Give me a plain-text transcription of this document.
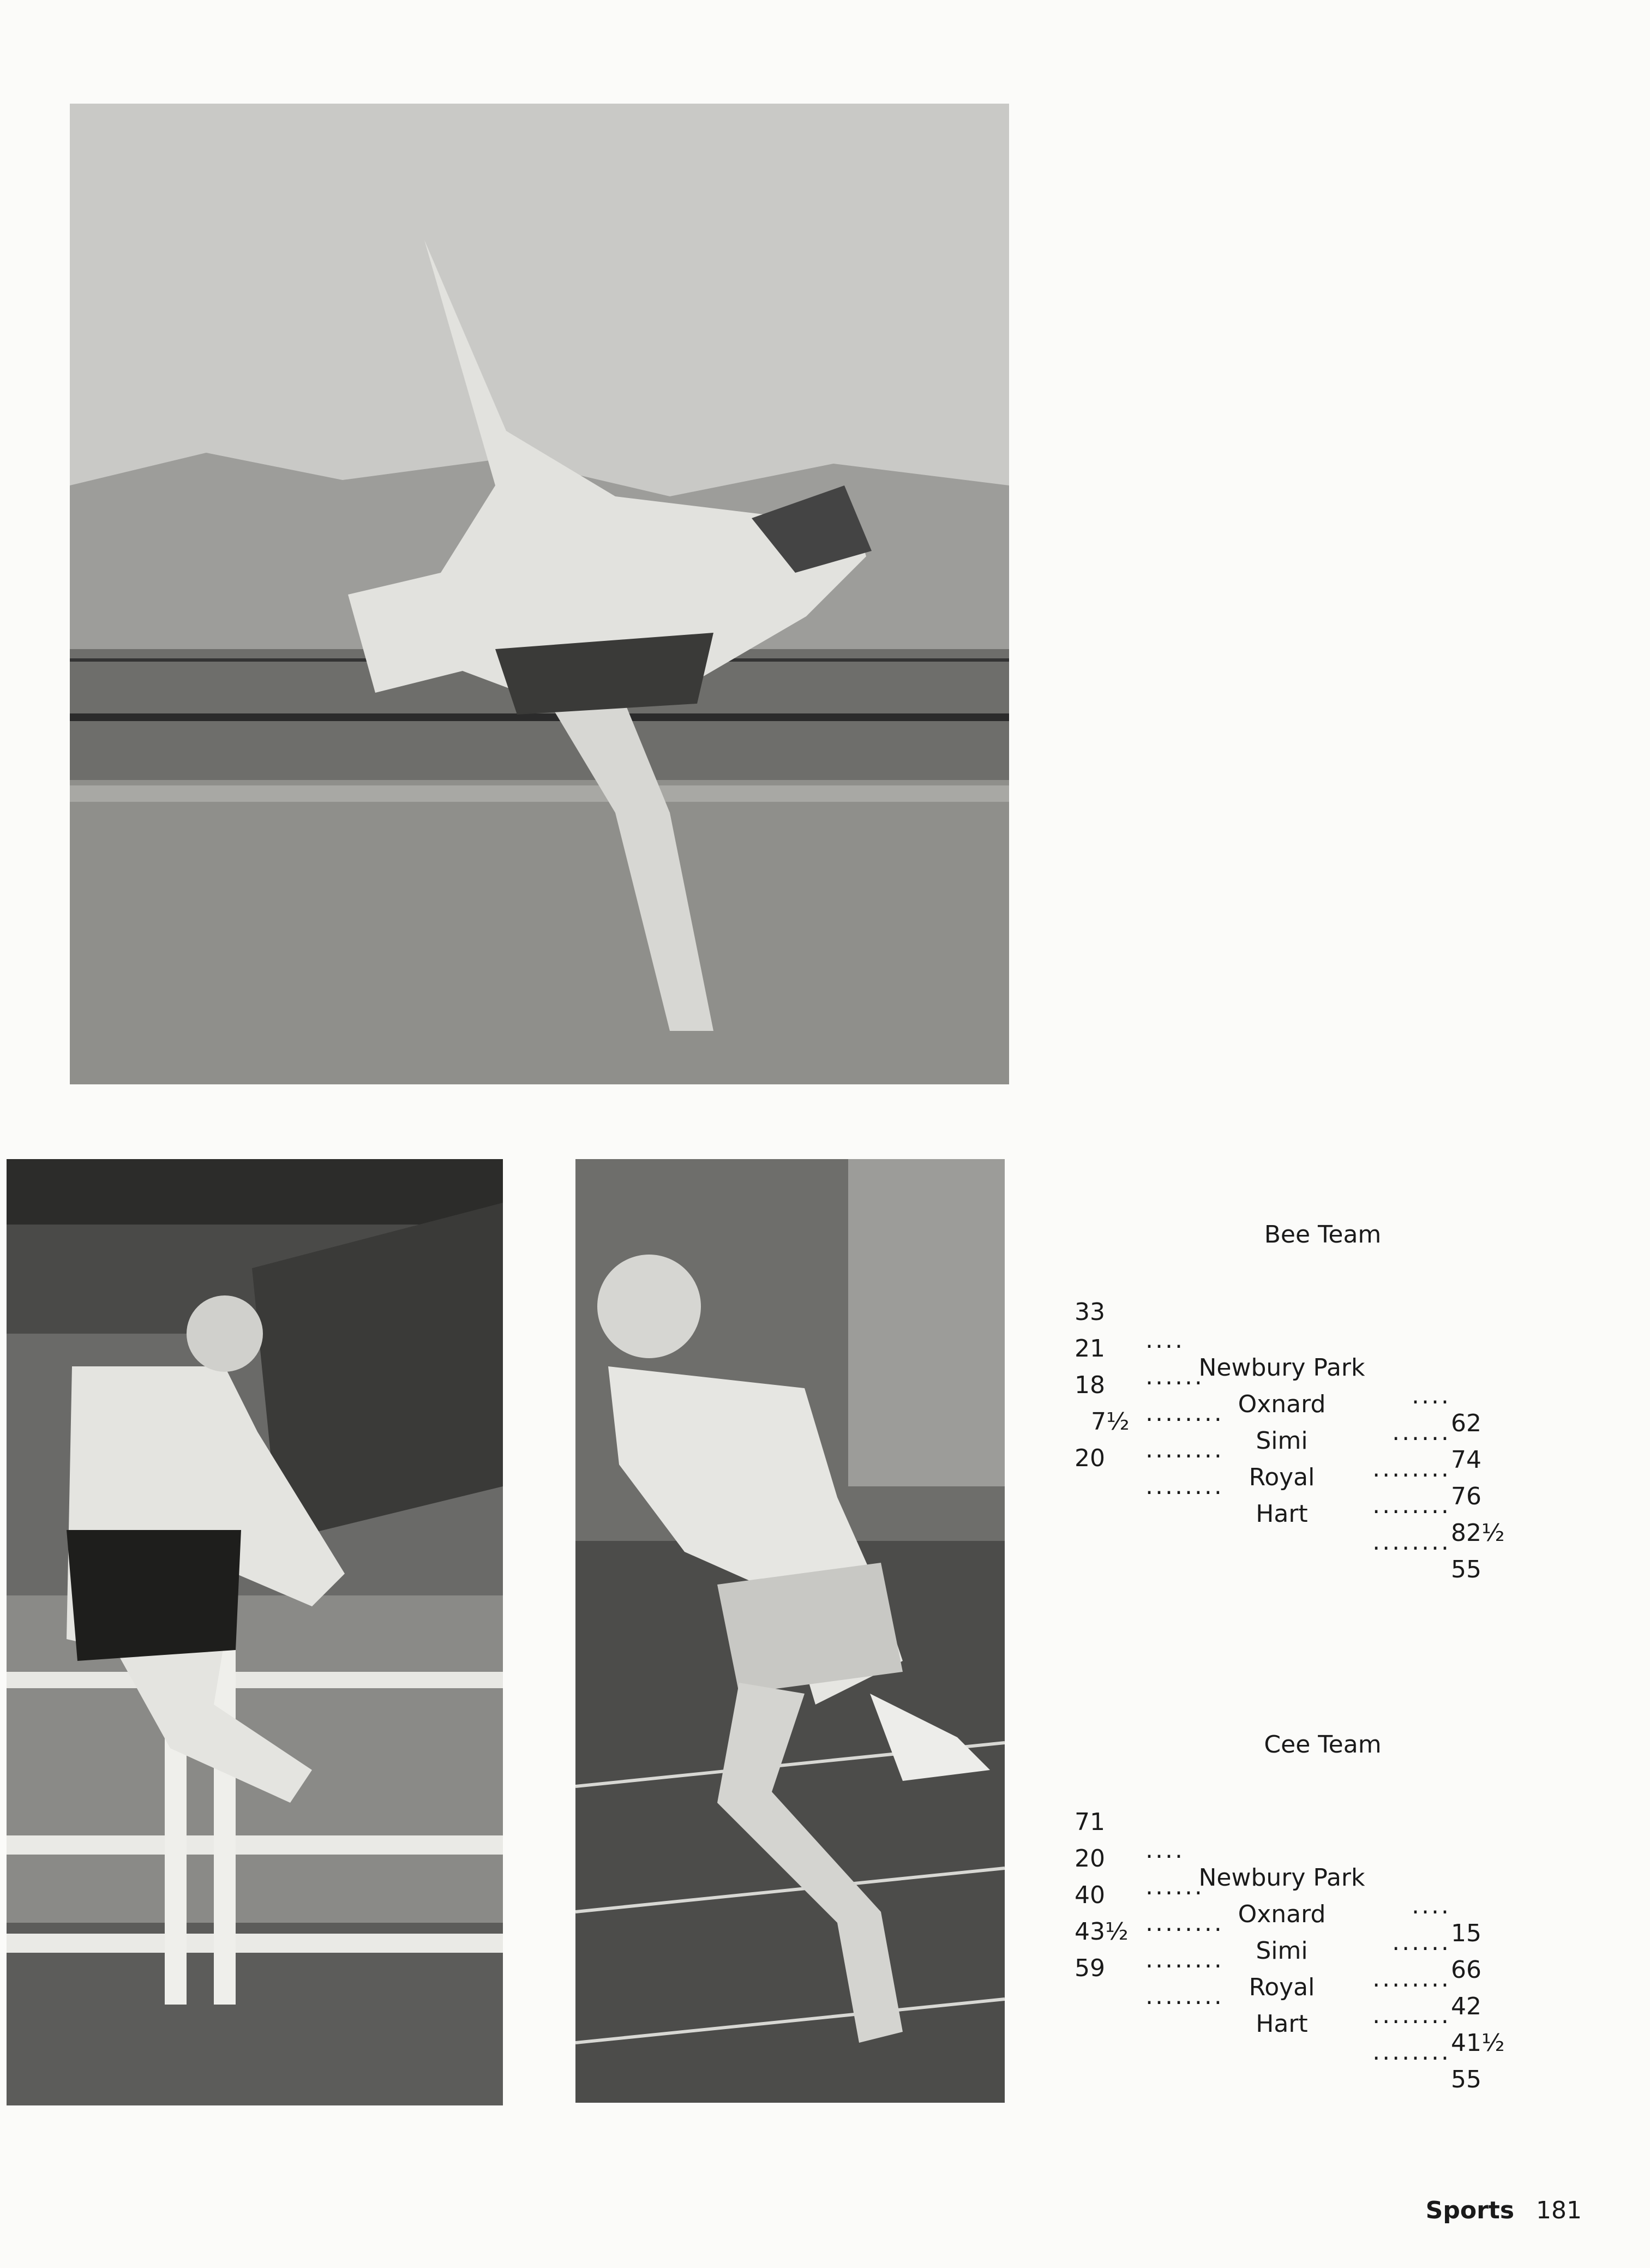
Bee Team

33

....

Newbury Park

....

62

21

......

Oxnard

......

74

18

........

Simi

........

76

7½

........

Royal

........

82½

20

........

Hart

........

55

Cee Team

71

....

Newbury Park

....

15

20

......

Oxnard

......

66

40

........

Simi

........

42

43½

........

Royal

........

41½

59

........

Hart

........

55

Sports 181
